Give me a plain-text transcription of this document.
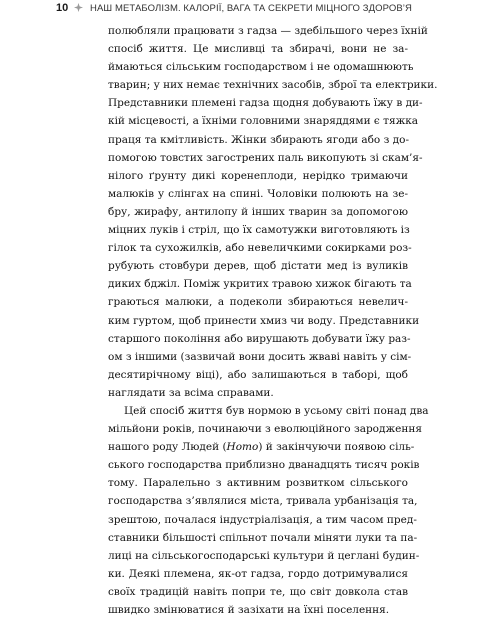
10 НАШ МЕТАБОЛІЗМ. КАЛОРІЇ, ВАГА ТА СЕКРЕТИ МІЦНОГО ЗДОРОВ’Я
полюбляли працювати з гадза — здебільшого через їхній
спосіб життя. Це мисливці та збирачі, вони не за-
ймаються сільським господарством і не одомашнюють
тварин; у них немає технічних засобів, зброї та електрики.
Представники племені гадза щодня добувають їжу в ди-
кій місцевості, а їхніми головними знаряддями є тяжка
праця та кмітливість. Жінки збирають ягоди або з до-
помогою товстих загострених паль викопують зі скам’я-
нілого ґрунту дикі коренеплоди, нерідко тримаючи
малюків у слінгах на спині. Чоловіки полюють на зе-
бру, жирафу, антилопу й інших тварин за допомогою
міцних луків і стріл, що їх самотужки виготовляють із
гілок та сухожилків, або невеличкими сокирками роз-
рубують стовбури дерев, щоб дістати мед із вуликів
диких бджіл. Поміж укритих травою хижок бігають та
граються малюки, а подеколи збираються невелич-
ким гуртом, щоб принести хмиз чи воду. Представники
старшого покоління або вирушають добувати їжу раз-
ом з іншими (зазвичай вони досить жваві навіть у сім-
десятирічному віці), або залишаються в таборі, щоб
наглядати за всіма справами.
Цей спосіб життя був нормою в усьому світі понад два
мільйони років, починаючи з еволюційного зародження
нашого роду Людей (Homo) й закінчуючи появою сіль-
ського господарства приблизно дванадцять тисяч років
тому. Паралельно з активним розвитком сільського
господарства з’являлися міста, тривала урбанізація та,
зрештою, почалася індустріалізація, а тим часом пред-
ставники більшості спільнот почали міняти луки та па-
лиці на сільськогосподарські культури й цеглані будин-
ки. Деякі племена, як-от гадза, гордо дотримувалися
своїх традицій навіть попри те, що світ довкола став
швидко змінюватися й зазіхати на їхні поселення.
